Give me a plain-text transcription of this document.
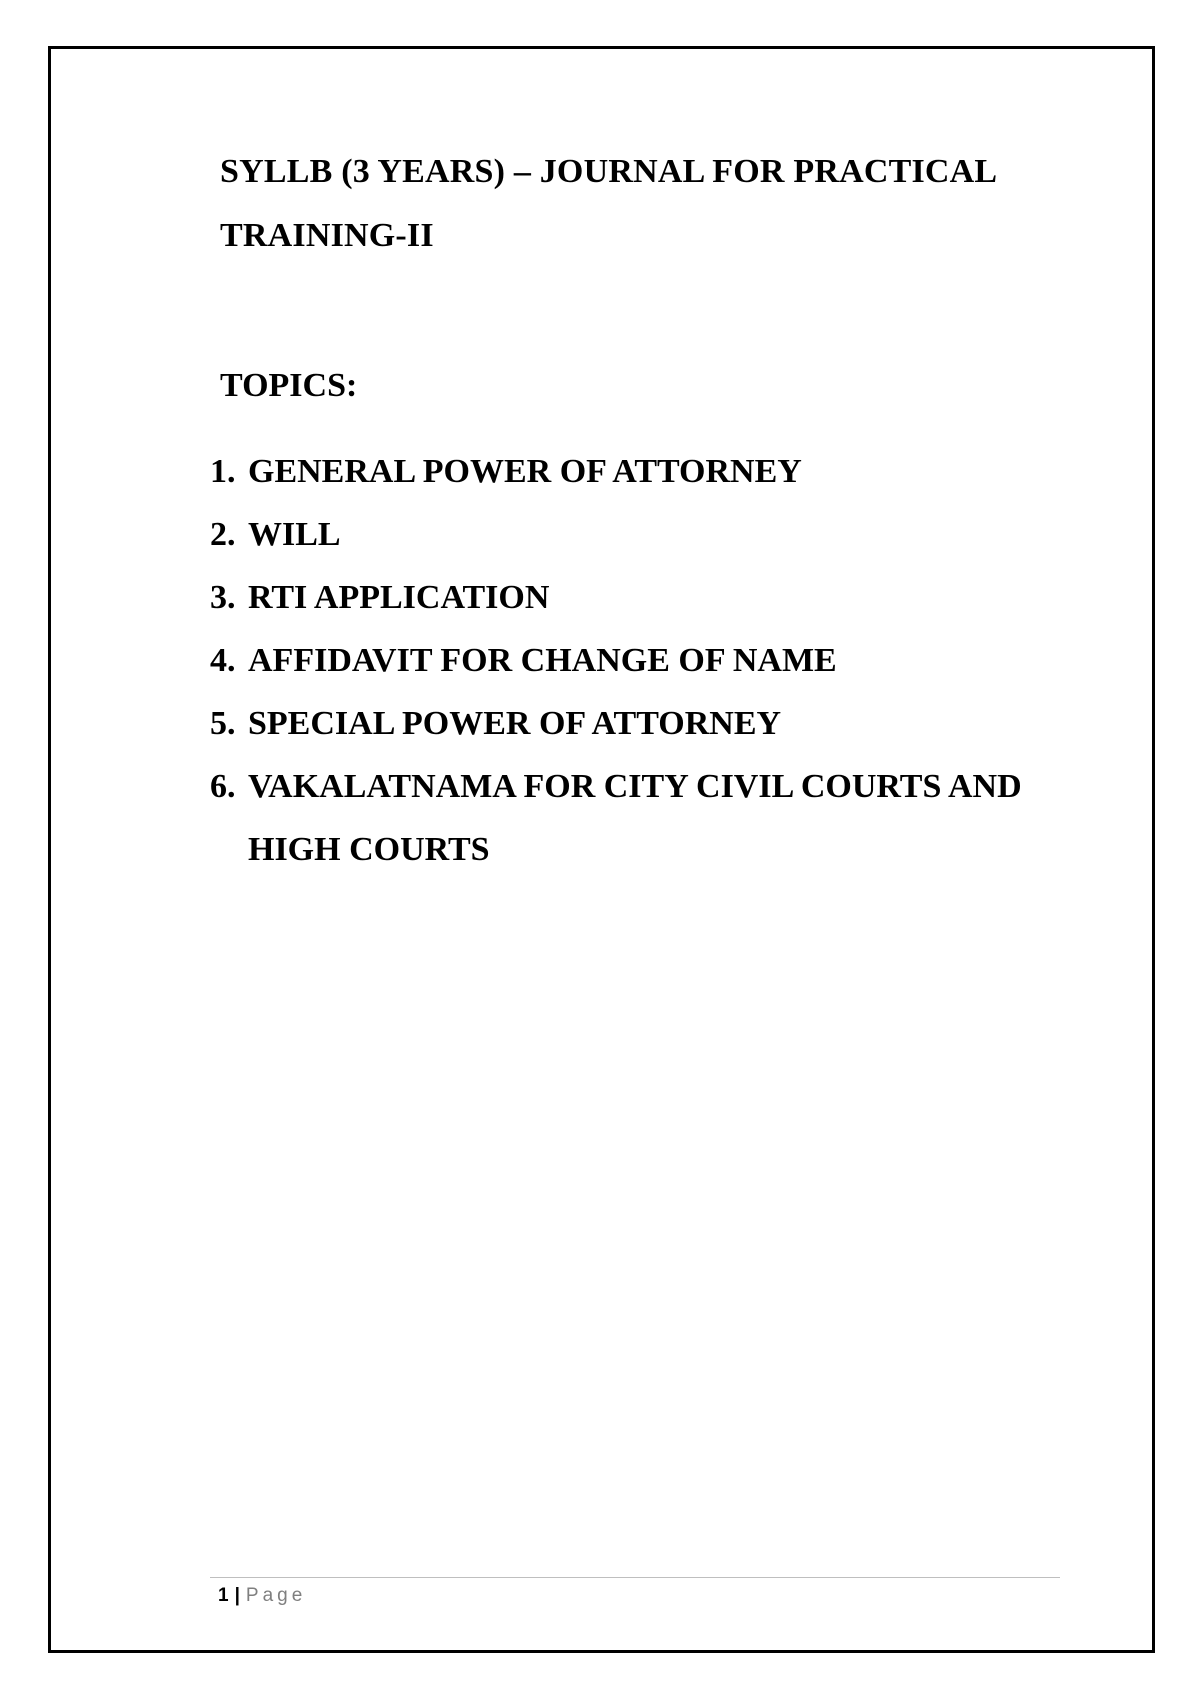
SYLLB (3 YEARS) – JOURNAL FOR PRACTICAL TRAINING-II
TOPICS:
1. GENERAL POWER OF ATTORNEY
2. WILL
3. RTI APPLICATION
4. AFFIDAVIT FOR CHANGE OF NAME
5. SPECIAL POWER OF ATTORNEY
6. VAKALATNAMA FOR CITY CIVIL COURTS AND HIGH COURTS
1 | Page
